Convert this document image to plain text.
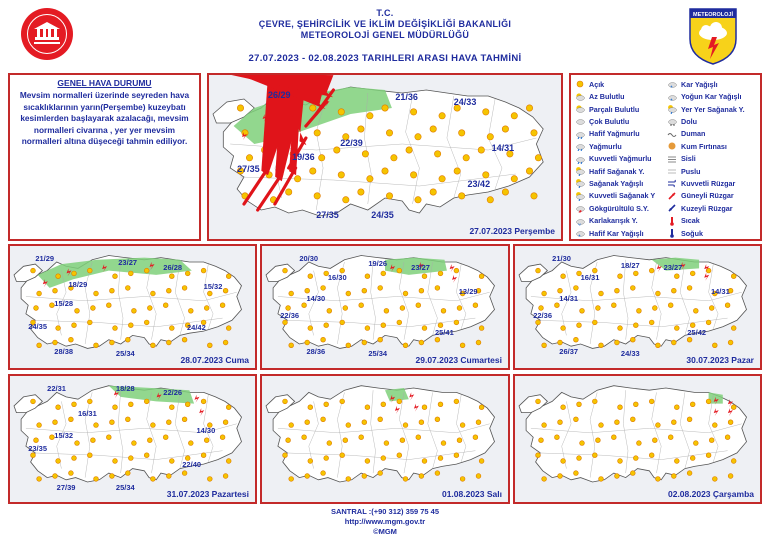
T.C.
ÇEVRE, ŞEHİRCİLİK VE İKLİM DEĞİŞİKLİĞİ BAKANLIĞI
METEOROLOJİ GENEL MÜDÜRLÜĞÜ
27.07.2023 - 02.08.2023 TARIHLERI ARASI HAVA TAHMİNİ
METEOROLOJİ
GENEL HAVA DURUMU
Mevsim normalleri üzerinde seyreden hava sıcaklıklarının yarın(Perşembe) kuzeybatı kesimlerden başlayarak azalacağı, mevsim normalleri civarına , yer yer mevsim normalleri altına düşeceği tahmin ediliyor.
26/29	21/36	24/33
27/35
19/36
22/39	14/31
23/42
27/35	24/35
27.07.2023 Perşembe
Açık
Az Bulutlu
Parçalı Bulutlu
Çok Bulutlu
Hafif Yağmurlu
Yağmurlu
Kuvvetli Yağmurlu
Hafif Sağanak Y.
Sağanak Yağışlı
Kuvvetli Sağanak Y
Gökgürültülü S.Y.
*/ Karlakarışık Y.
* Hafif Kar Yağışlı
* Kar Yağışlı
* Yoğun Kar Yağışlı
Yer Yer Sağanak Y.
Dolu
Duman
Kum Fırtınası
Sisli
Puslu
Kuvvetli Rüzgar
Güneyli Rüzgar
Kuzeyli Rüzgar
Sıcak
Soğuk
21/29	23/27
26/28
18/29	15/32
15/28
24/35	24/42
28/38	25/34
28.07.2023 Cuma
20/30
19/26	23/27
16/30
13/29
14/30
22/36
25/41
28/36	25/34
29.07.2023 Cumartesi
21/30
18/27	23/27
16/31
14/31
14/31
22/36
25/42
26/37	24/33
30.07.2023 Pazar
22/31	18/28	22/26
16/31
14/30
15/32
23/35
22/40
27/39	25/34
31.07.2023 Pazartesi	01.08.2023 Salı	02.08.2023 Çarşamba
SANTRAL :(+90 312) 359 75 45
http://www.mgm.gov.tr
©MGM
